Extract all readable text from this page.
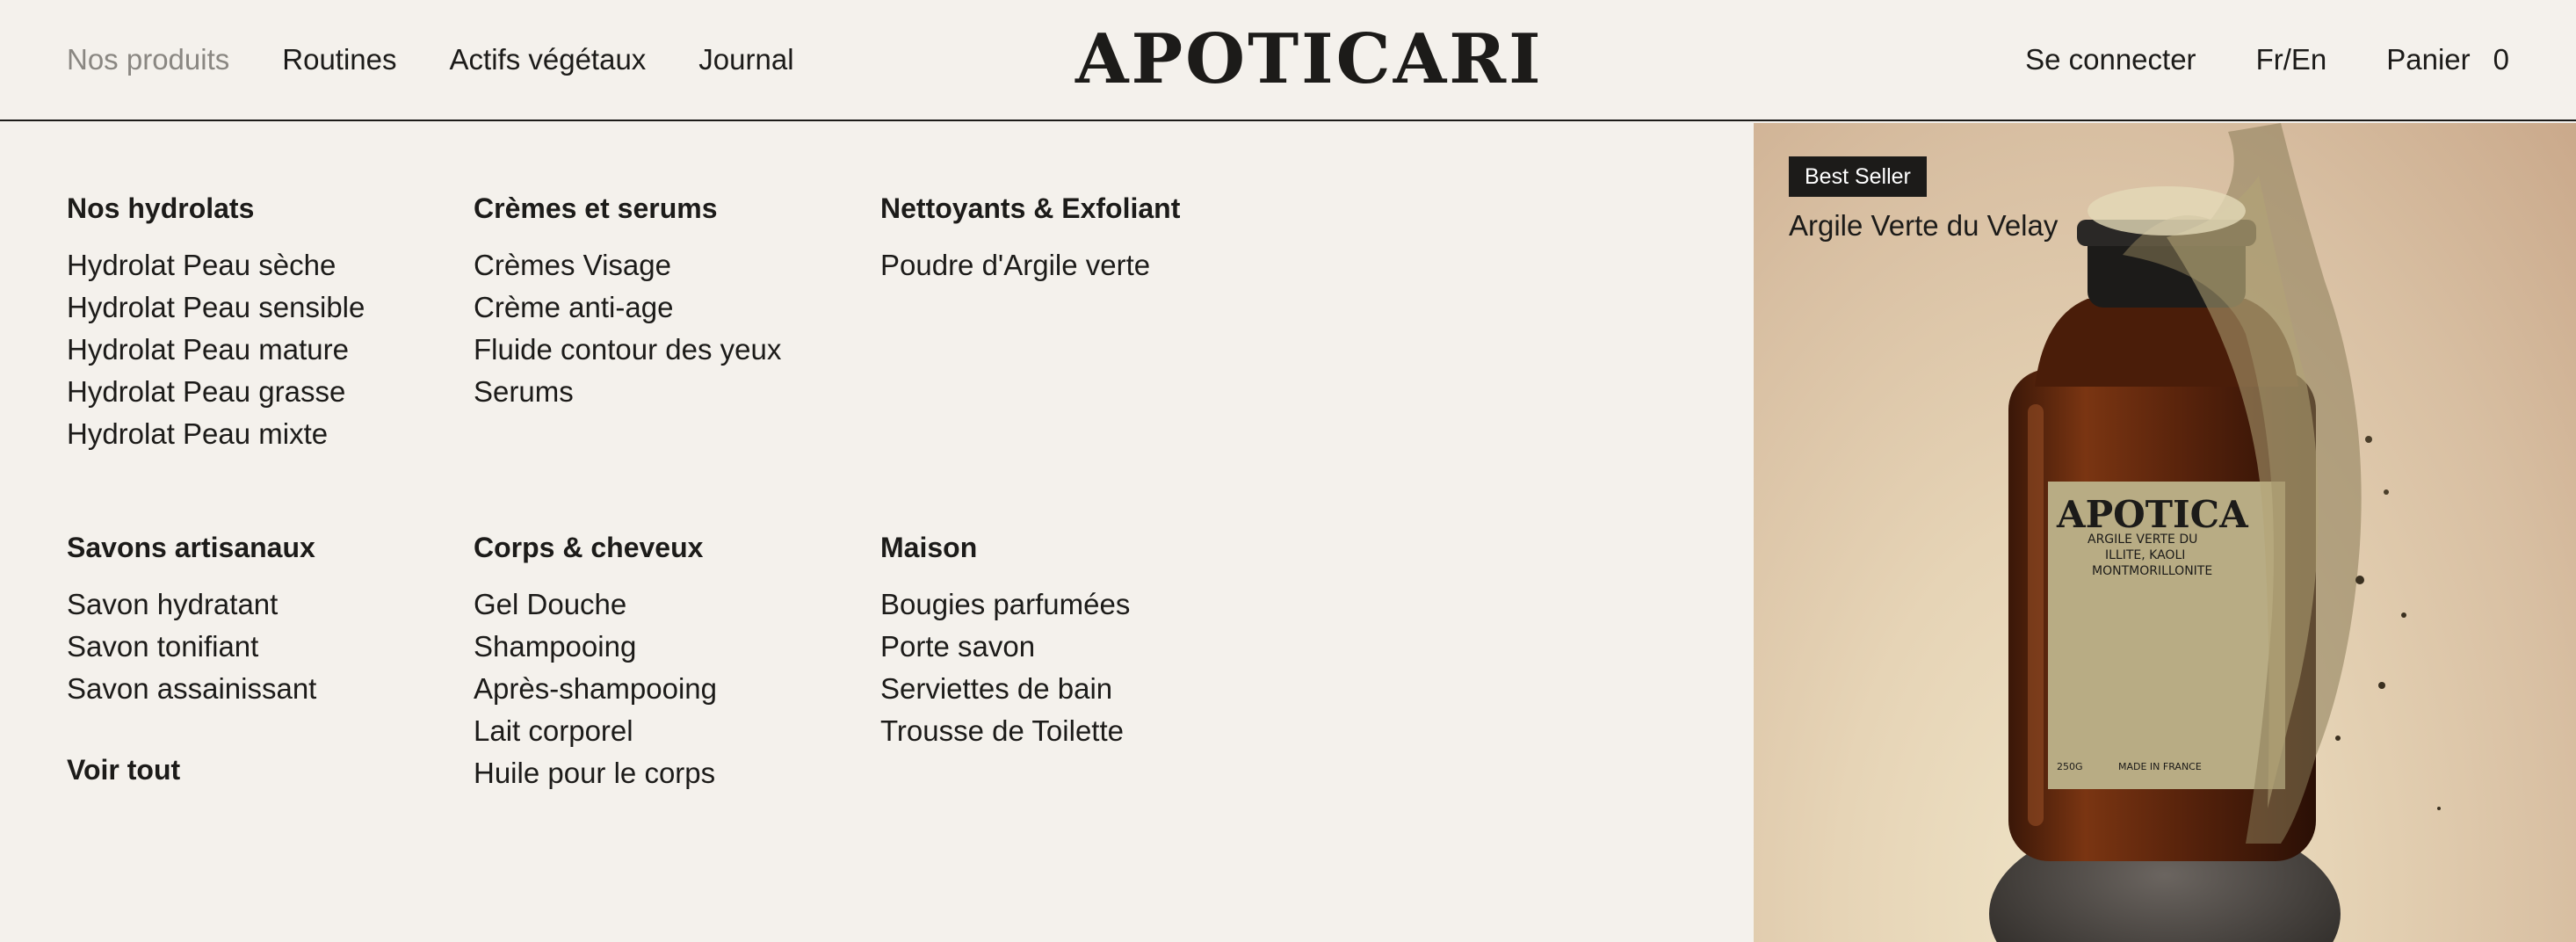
Nos produits Routines Actifs végétaux Journal	APOTICARI	Se connecter Fr/En Panier 0
Nos hydrolats
Hydrolat Peau sèche
Hydrolat Peau sensible
Hydrolat Peau mature
Hydrolat Peau grasse
Hydrolat Peau mixte
Crèmes et serums
Crèmes Visage
Crème anti-age
Fluide contour des yeux
Serums
Nettoyants & Exfoliant
Poudre d'Argile verte
Savons artisanaux
Savon hydratant
Savon tonifiant
Savon assainissant
Corps & cheveux
Gel Douche
Shampooing
Après-shampooing
Lait corporel
Huile pour le corps
Maison
Bougies parfumées
Porte savon
Serviettes de bain
Trousse de Toilette
Voir tout
APOTICA
ARGILE VERTE DU
ILLITE, KAOLI
MONTMORILLONITE
250G	MADE IN FRANCE
Best Seller
Argile Verte du Velay
